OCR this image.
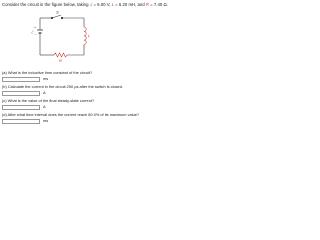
Consider the circuit in the figure below, taking ℰ = 6.00 V, L = 6.20 mH, and R = 7.40 Ω.
S
+
−
ℰ
L
R
(a) What is the inductive time constant of the circuit?
ms
(b) Calculate the current in the circuit 250 μs after the switch is closed.
A
(c) What is the value of the final steady-state current?
A
(d) After what time interval does the current reach 80.0% of its maximum value?
ms
